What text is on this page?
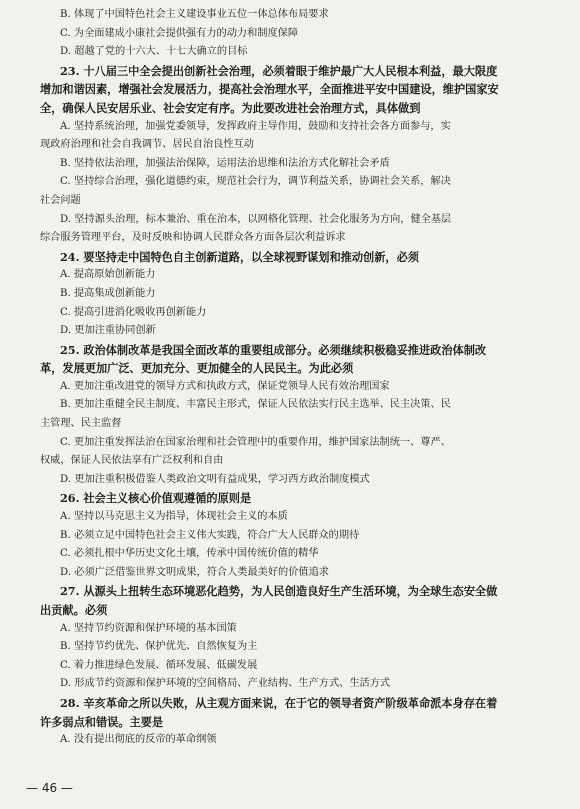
B. 体现了中国特色社会主义建设事业五位一体总体布局要求
C. 为全面建成小康社会提供强有力的动力和制度保障
D. 超越了党的十六大、十七大确立的目标
23. 十八届三中全会提出创新社会治理，必须着眼于维护最广大人民根本利益，最大限度
增加和谐因素，增强社会发展活力，提高社会治理水平，全面推进平安中国建设，维护国家安
全，确保人民安居乐业、社会安定有序。为此要改进社会治理方式，具体做到
A. 坚持系统治理，加强党委领导，发挥政府主导作用，鼓励和支持社会各方面参与，实
现政府治理和社会自我调节、居民自治良性互动
B. 坚持依法治理，加强法治保障，运用法治思维和法治方式化解社会矛盾
C. 坚持综合治理，强化道德约束，规范社会行为，调节利益关系，协调社会关系，解决
社会问题
D. 坚持源头治理，标本兼治、重在治本，以网格化管理、社会化服务为方向，健全基层
综合服务管理平台，及时反映和协调人民群众各方面各层次利益诉求
24. 要坚持走中国特色自主创新道路，以全球视野谋划和推动创新，必须
A. 提高原始创新能力
B. 提高集成创新能力
C. 提高引进消化吸收再创新能力
D. 更加注重协同创新
25. 政治体制改革是我国全面改革的重要组成部分。必须继续积极稳妥推进政治体制改
革，发展更加广泛、更加充分、更加健全的人民民主。为此必须
A. 更加注重改进党的领导方式和执政方式，保证党领导人民有效治理国家
B. 更加注重健全民主制度、丰富民主形式，保证人民依法实行民主选举、民主决策、民
主管理、民主监督
C. 更加注重发挥法治在国家治理和社会管理中的重要作用，维护国家法制统一、尊严、
权威，保证人民依法享有广泛权利和自由
D. 更加注重积极借鉴人类政治文明有益成果，学习西方政治制度模式
26. 社会主义核心价值观遵循的原则是
A. 坚持以马克思主义为指导，体现社会主义的本质
B. 必须立足中国特色社会主义伟大实践，符合广大人民群众的期待
C. 必须扎根中华历史文化土壤，传承中国传统价值的精华
D. 必须广泛借鉴世界文明成果，符合人类最美好的价值追求
27. 从源头上扭转生态环境恶化趋势，为人民创造良好生产生活环境，为全球生态安全做
出贡献。必须
A. 坚持节约资源和保护环境的基本国策
B. 坚持节约优先、保护优先、自然恢复为主
C. 着力推进绿色发展、循环发展、低碳发展
D. 形成节约资源和保护环境的空间格局、产业结构、生产方式、生活方式
28. 辛亥革命之所以失败，从主观方面来说，在于它的领导者资产阶级革命派本身存在着
许多弱点和错误。主要是
A. 没有提出彻底的反帝的革命纲领
— 46 —
